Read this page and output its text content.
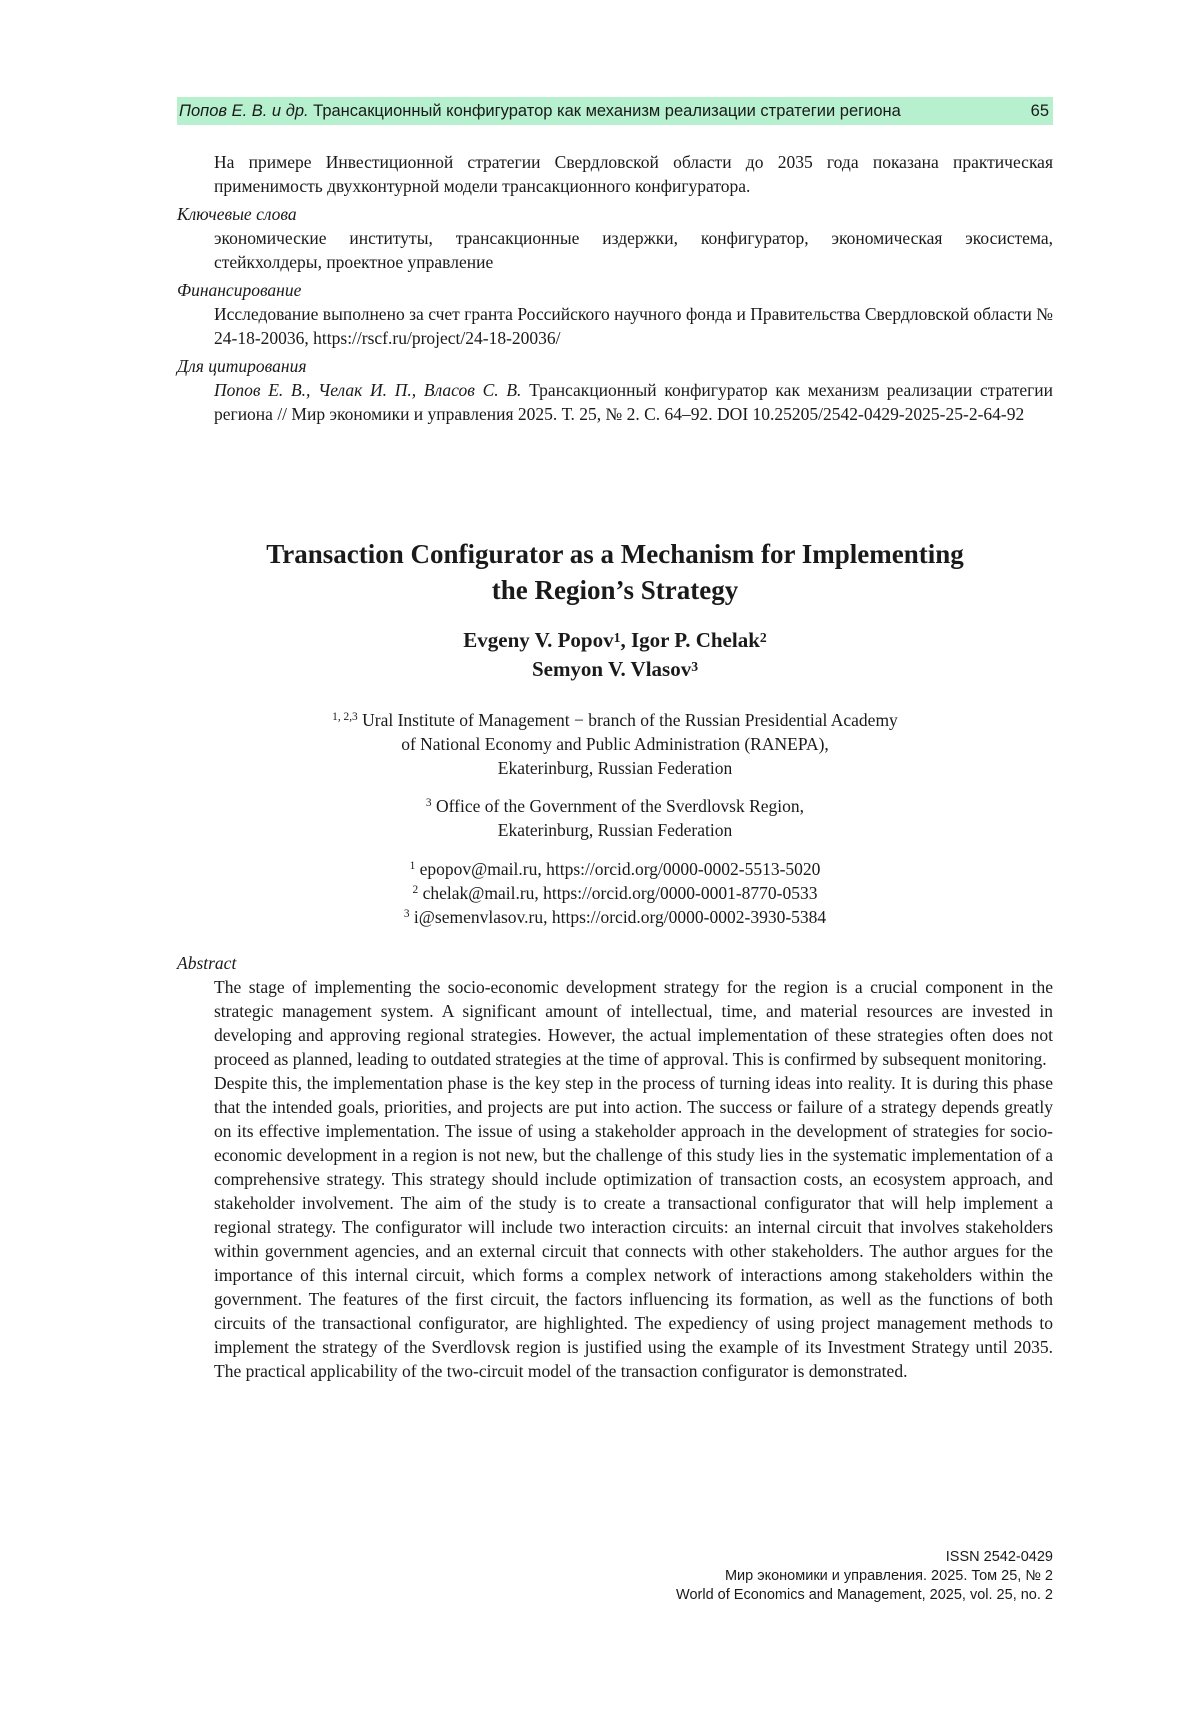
Попов Е. В. и др. Трансакционный конфигуратор как механизм реализации стратегии региона	65
На примере Инвестиционной стратегии Свердловской области до 2035 года показана практическая применимость двухконтурной модели трансакционного конфигуратора.
Ключевые слова
экономические институты, трансакционные издержки, конфигуратор, экономическая экосистема, стейкхолдеры, проектное управление
Финансирование
Исследование выполнено за счет гранта Российского научного фонда и Правительства Свердловской области № 24-18-20036, https://rscf.ru/project/24-18-20036/
Для цитирования
Попов Е. В., Челак И. П., Власов С. В. Трансакционный конфигуратор как механизм реализации стратегии региона // Мир экономики и управления 2025. Т. 25, № 2. С. 64–92. DOI 10.25205/2542-0429-2025-25-2-64-92
Transaction Configurator as a Mechanism for Implementing
the Region’s Strategy
Evgeny V. Popov$^1$, Igor P. Chelak$^2$
Semyon V. Vlasov$^3$
$^{1, 2,3}$ Ural Institute of Management − branch of the Russian Presidential Academy
of National Economy and Public Administration (RANEPA),
Ekaterinburg, Russian Federation
$^3$ Office of the Government of the Sverdlovsk Region,
Ekaterinburg, Russian Federation
$^1$ epopov@mail.ru, https://orcid.org/0000-0002-5513-5020
$^2$ chelak@mail.ru, https://orcid.org/0000-0001-8770-0533
$^3$ i@semenvlasov.ru, https://orcid.org/0000-0002-3930-5384
Abstract
The stage of implementing the socio-economic development strategy for the region is a crucial component in the strategic management system. A significant amount of intellectual, time, and material resources are invested in developing and approving regional strategies. However, the actual implementation of these strategies often does not proceed as planned, leading to outdated strategies at the time of approval. This is confirmed by subsequent monitoring.
Despite this, the implementation phase is the key step in the process of turning ideas into reality. It is during this phase that the intended goals, priorities, and projects are put into action. The success or failure of a strategy depends greatly on its effective implementation. The issue of using a stakeholder approach in the development of strategies for socio-economic development in a region is not new, but the challenge of this study lies in the systematic implementation of a comprehensive strategy. This strategy should include optimization of transaction costs, an ecosystem approach, and stakeholder involvement. The aim of the study is to create a transactional configurator that will help implement a regional strategy. The configurator will include two interaction circuits: an internal circuit that involves stakeholders within government agencies, and an external circuit that connects with other stakeholders. The author argues for the importance of this internal circuit, which forms a complex network of interactions among stakeholders within the government. The features of the first circuit, the factors influencing its formation, as well as the functions of both circuits of the transactional configurator, are highlighted. The expediency of using project management methods to implement the strategy of the Sverdlovsk region is justified using the example of its Investment Strategy until 2035. The practical applicability of the two-circuit model of the transaction configurator is demonstrated.
ISSN 2542-0429
Мир экономики и управления. 2025. Том 25, № 2
World of Economics and Management, 2025, vol. 25, no. 2
